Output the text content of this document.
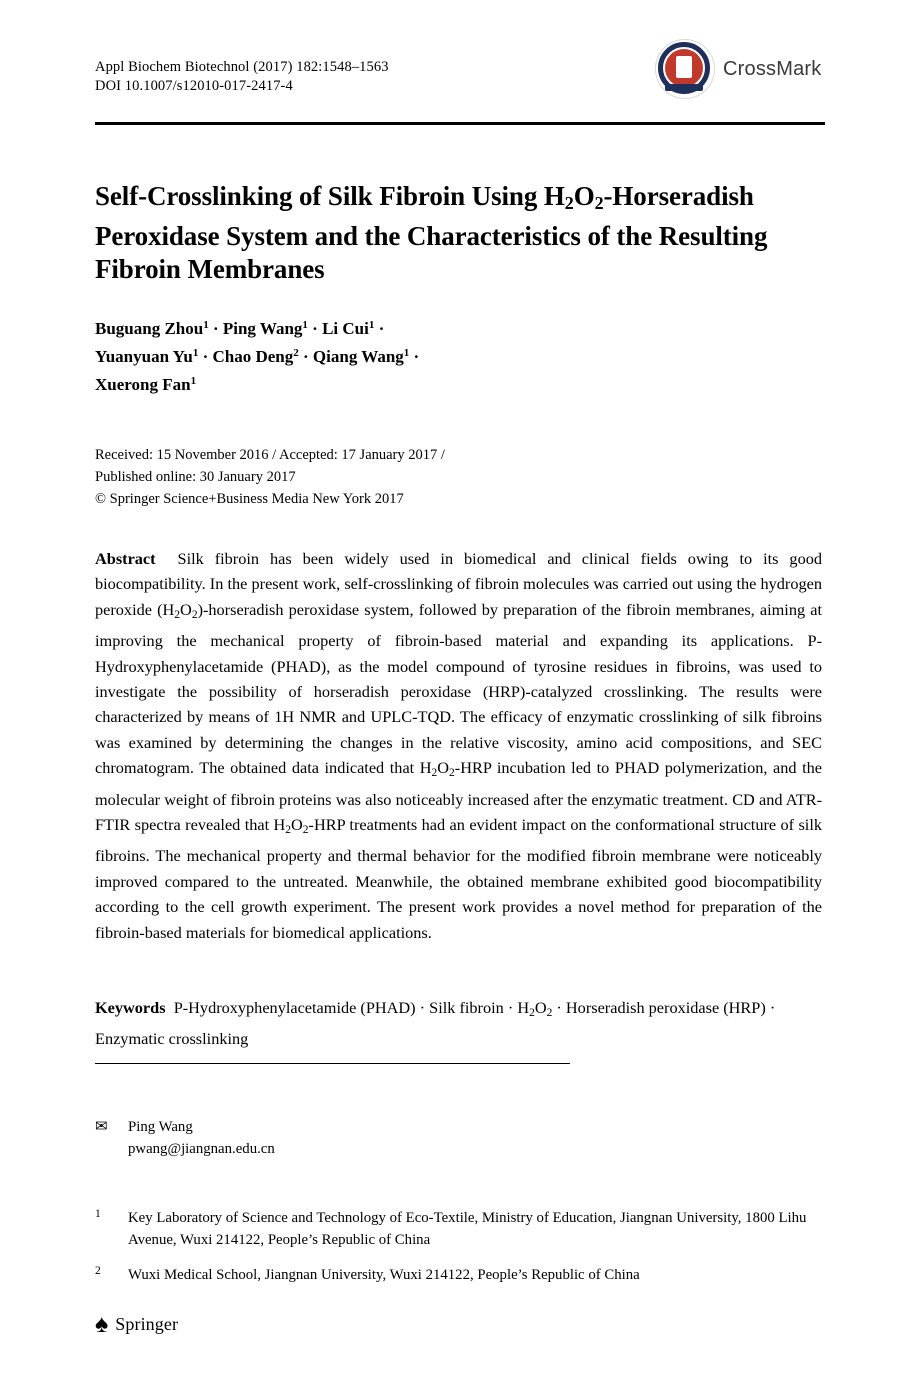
Appl Biochem Biotechnol (2017) 182:1548–1563
DOI 10.1007/s12010-017-2417-4
CrossMark
Self-Crosslinking of Silk Fibroin Using $H_2O_2$-Horseradish
Peroxidase System and the Characteristics of the Resulting
Fibroin Membranes
Buguang Zhou$^1$ · Ping Wang$^1$ · Li Cui$^1$ ·
Yuanyuan $Yu^1$ · Chao Deng$^2$ · Qiang Wang$^1$ ·
Xuerong Fan$^1$
Received: 15 November 2016 / Accepted: 17 January 2017 /
Published online: 30 January 2017
© Springer Science+Business Media New York 2017
Abstract Silk fibroin has been widely used in biomedical and clinical fields owing to its good biocompatibility. In the present work, self-crosslinking of fibroin molecules was carried out using the hydrogen peroxide $(H_2O_2)$-horseradish peroxidase system, followed by preparation of the fibroin membranes, aiming at improving the mechanical property of fibroin-based material and expanding its applications. P-Hydroxyphenylacetamide (PHAD), as the model compound of tyrosine residues in fibroins, was used to investigate the possibility of horseradish peroxidase (HRP)-catalyzed crosslinking. The results were characterized by means of 1H NMR and UPLC-TQD. The efficacy of enzymatic crosslinking of silk fibroins was examined by determining the changes in the relative viscosity, amino acid compositions, and SEC chromatogram. The obtained data indicated that $H_2O_2$-HRP incubation led to PHAD polymerization, and the molecular weight of fibroin proteins was also noticeably increased after the enzymatic treatment. CD and ATR-FTIR spectra revealed that $H_2O_2$-HRP treatments had an evident impact on the conformational structure of silk fibroins. The mechanical property and thermal behavior for the modified fibroin membrane were noticeably improved compared to the untreated. Meanwhile, the obtained membrane exhibited good biocompatibility according to the cell growth experiment. The present work provides a novel method for preparation of the fibroin-based materials for biomedical applications.
Keywords P-Hydroxyphenylacetamide (PHAD) · Silk fibroin · $H_2O_2$ · Horseradish peroxidase (HRP) · Enzymatic crosslinking
✉ Ping Wang
pwang@jiangnan.edu.cn
1 Key Laboratory of Science and Technology of Eco-Textile, Ministry of Education, Jiangnan University, 1800 Lihu Avenue, Wuxi 214122, People’s Republic of China
2 Wuxi Medical School, Jiangnan University, Wuxi 214122, People’s Republic of China
♠ Springer
